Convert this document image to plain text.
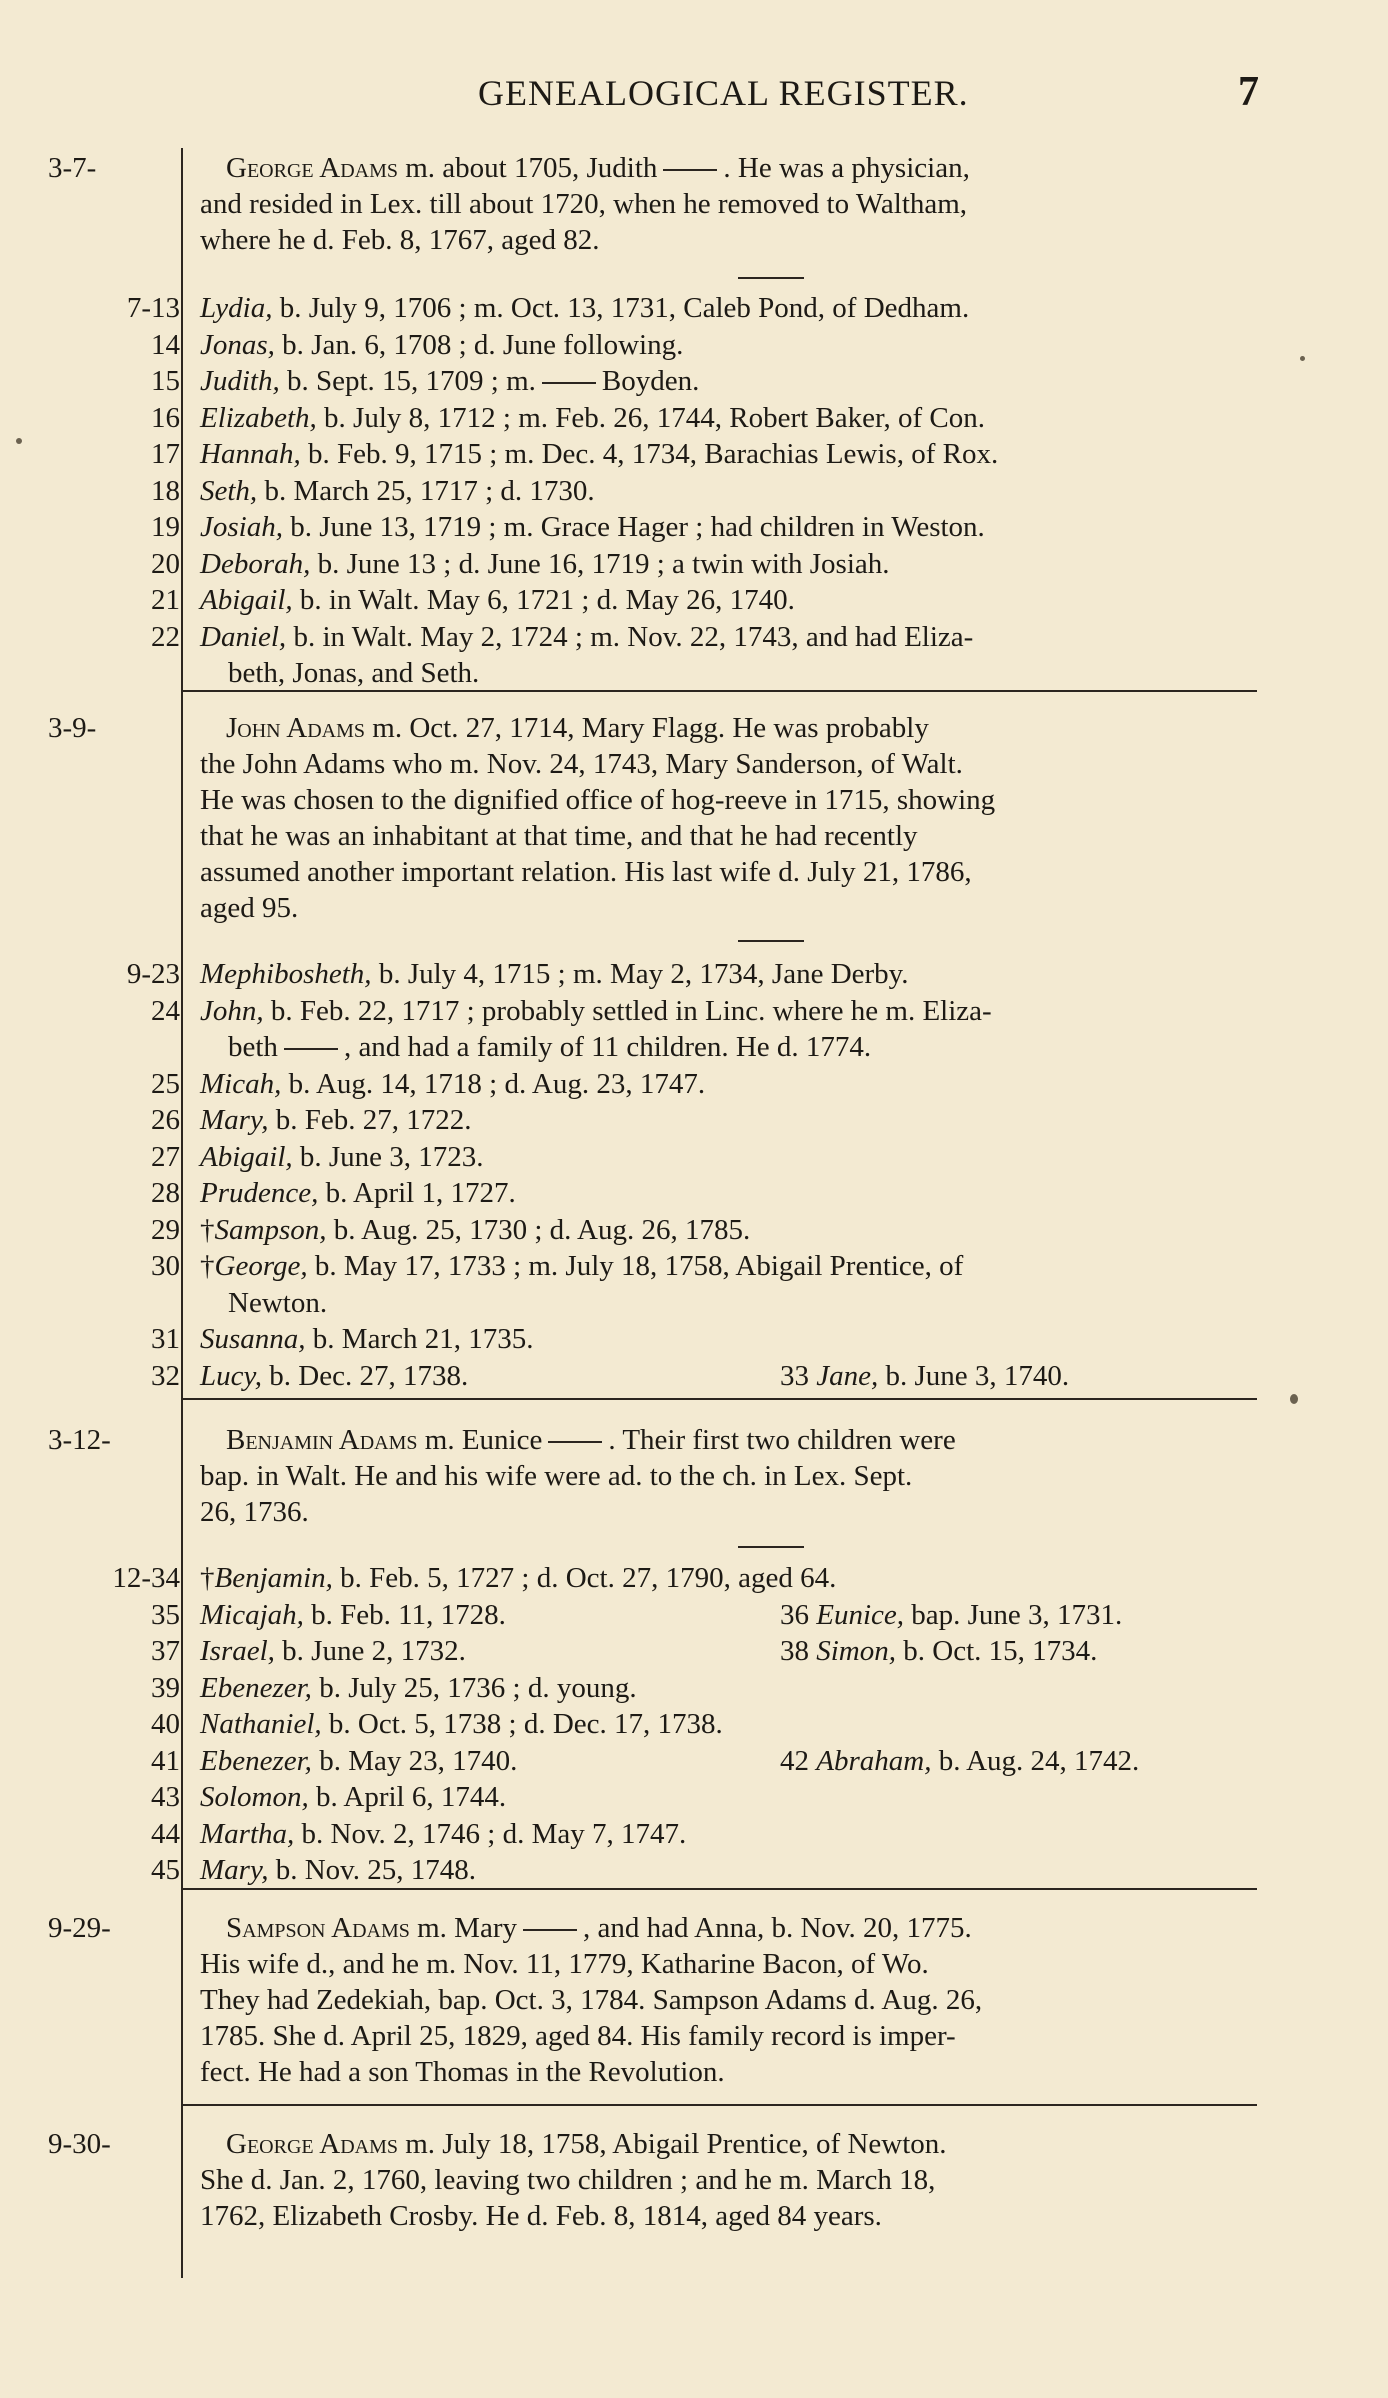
GENEALOGICAL REGISTER.	7
3-7-	George Adams m. about 1705, Judith . He was a physician,
and resided in Lex. till about 1720, when he removed to Waltham,
where he d. Feb. 8, 1767, aged 82.
7-13 Lydia, b. July 9, 1706 ; m. Oct. 13, 1731, Caleb Pond, of Dedham.
14 Jonas, b. Jan. 6, 1708 ; d. June following.
15 Judith, b. Sept. 15, 1709 ; m. Boyden.
16 Elizabeth, b. July 8, 1712 ; m. Feb. 26, 1744, Robert Baker, of Con.
17 Hannah, b. Feb. 9, 1715 ; m. Dec. 4, 1734, Barachias Lewis, of Rox.
18 Seth, b. March 25, 1717 ; d. 1730.
19 Josiah, b. June 13, 1719 ; m. Grace Hager ; had children in Weston.
20 Deborah, b. June 13 ; d. June 16, 1719 ; a twin with Josiah.
21 Abigail, b. in Walt. May 6, 1721 ; d. May 26, 1740.
22 Daniel, b. in Walt. May 2, 1724 ; m. Nov. 22, 1743, and had Eliza-
beth, Jonas, and Seth.
3-9-	John Adams m. Oct. 27, 1714, Mary Flagg. He was probably
the John Adams who m. Nov. 24, 1743, Mary Sanderson, of Walt.
He was chosen to the dignified office of hog-reeve in 1715, showing
that he was an inhabitant at that time, and that he had recently
assumed another important relation. His last wife d. July 21, 1786,
aged 95.
9-23 Mephibosheth, b. July 4, 1715 ; m. May 2, 1734, Jane Derby.
24 John, b. Feb. 22, 1717 ; probably settled in Linc. where he m. Eliza-
beth , and had a family of 11 children. He d. 1774.
25 Micah, b. Aug. 14, 1718 ; d. Aug. 23, 1747.
26 Mary, b. Feb. 27, 1722.
27 Abigail, b. June 3, 1723.
28 Prudence, b. April 1, 1727.
29 †Sampson, b. Aug. 25, 1730 ; d. Aug. 26, 1785.
30 †George, b. May 17, 1733 ; m. July 18, 1758, Abigail Prentice, of
Newton.
31 Susanna, b. March 21, 1735.
32 Lucy, b. Dec. 27, 1738.	33 Jane, b. June 3, 1740.
3-12-	Benjamin Adams m. Eunice . Their first two children were
bap. in Walt. He and his wife were ad. to the ch. in Lex. Sept.
26, 1736.
12-34 †Benjamin, b. Feb. 5, 1727 ; d. Oct. 27, 1790, aged 64.
35 Micajah, b. Feb. 11, 1728.	36 Eunice, bap. June 3, 1731.
37 Israel, b. June 2, 1732.	38 Simon, b. Oct. 15, 1734.
39 Ebenezer, b. July 25, 1736 ; d. young.
40 Nathaniel, b. Oct. 5, 1738 ; d. Dec. 17, 1738.
41 Ebenezer, b. May 23, 1740.	42 Abraham, b. Aug. 24, 1742.
43 Solomon, b. April 6, 1744.
44 Martha, b. Nov. 2, 1746 ; d. May 7, 1747.
45 Mary, b. Nov. 25, 1748.
9-29-	Sampson Adams m. Mary , and had Anna, b. Nov. 20, 1775.
His wife d., and he m. Nov. 11, 1779, Katharine Bacon, of Wo.
They had Zedekiah, bap. Oct. 3, 1784. Sampson Adams d. Aug. 26,
1785. She d. April 25, 1829, aged 84. His family record is imper-
fect. He had a son Thomas in the Revolution.
9-30-	George Adams m. July 18, 1758, Abigail Prentice, of Newton.
She d. Jan. 2, 1760, leaving two children ; and he m. March 18,
1762, Elizabeth Crosby. He d. Feb. 8, 1814, aged 84 years.
